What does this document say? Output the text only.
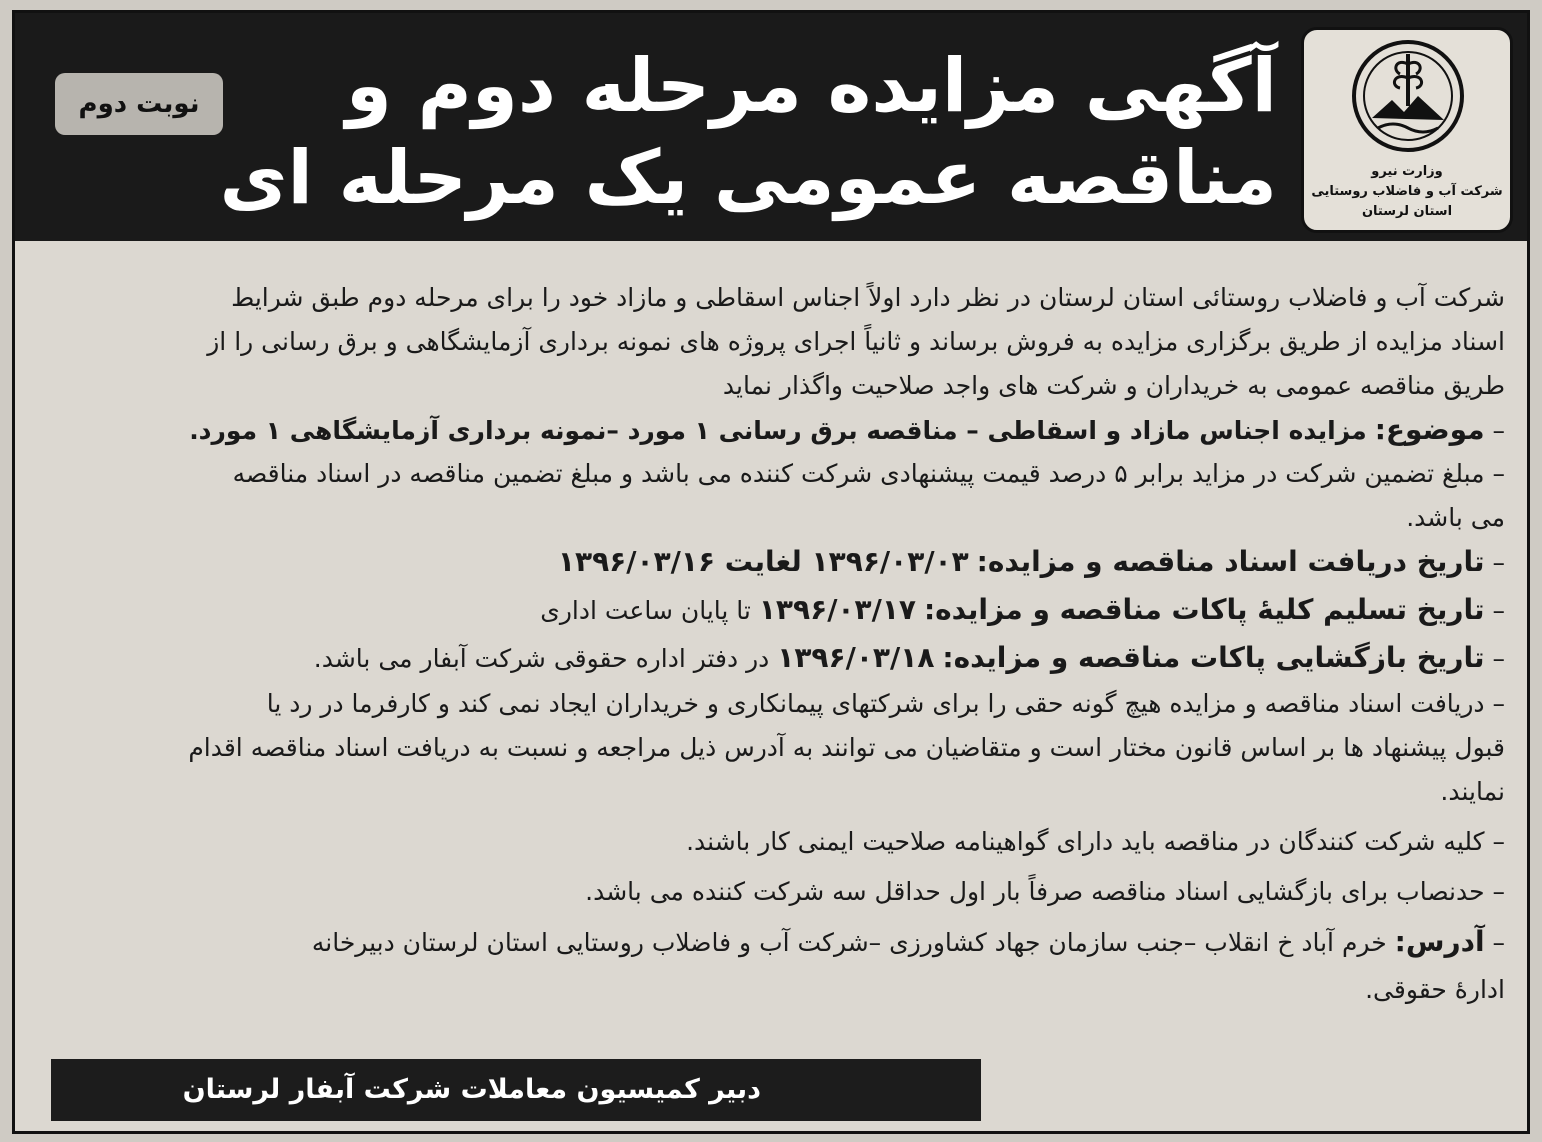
آگهی مزایده مرحله دوم و
مناقصه عمومی یک مرحله ای
نوبت دوم
وزارت نیرو
شرکت آب و فاضلاب روستایی
استان لرستان
شرکت آب و فاضلاب روستائی استان لرستان در نظر دارد اولاً اجناس اسقاطی و مازاد خود را برای مرحله دوم طبق شرایط
اسناد مزایده از طریق برگزاری مزایده به فروش برساند و ثانیاً اجرای پروژه های نمونه برداری آزمایشگاهی و برق رسانی را از
طریق مناقصه عمومی به خریداران و شرکت های واجد صلاحیت واگذار نماید
– موضوع: مزایده اجناس مازاد و اسقاطی – مناقصه برق رسانی ۱ مورد –نمونه برداری آزمایشگاهی ۱ مورد.
– مبلغ تضمین شرکت در مزاید برابر ۵ درصد قیمت پیشنهادی شرکت کننده می باشد و مبلغ تضمین مناقصه در اسناد مناقصه
می باشد.
– تاریخ دریافت اسناد مناقصه و مزایده: ۱۳۹۶/۰۳/۰۳ لغایت ۱۳۹۶/۰۳/۱۶
– تاریخ تسلیم کلیهٔ پاکات مناقصه و مزایده: ۱۳۹۶/۰۳/۱۷ تا پایان ساعت اداری
– تاریخ بازگشایی پاکات مناقصه و مزایده: ۱۳۹۶/۰۳/۱۸ در دفتر اداره حقوقی شرکت آبفار می باشد.
– دریافت اسناد مناقصه و مزایده هیچ گونه حقی را برای شرکتهای پیمانکاری و خریداران ایجاد نمی کند و کارفرما در رد یا
قبول پیشنهاد ها بر اساس قانون مختار است و متقاضیان می توانند به آدرس ذیل مراجعه و نسبت به دریافت اسناد مناقصه اقدام
نمایند.
– کلیه شرکت کنندگان در مناقصه باید دارای گواهینامه صلاحیت ایمنی کار باشند.
– حدنصاب برای بازگشایی اسناد مناقصه صرفاً بار اول حداقل سه شرکت کننده می باشد.
– آدرس: خرم آباد خ انقلاب –جنب سازمان جهاد کشاورزی –شرکت آب و فاضلاب روستایی استان لرستان دبیرخانه
ادارهٔ حقوقی.
دبیر کمیسیون معاملات شرکت آبفار لرستان
